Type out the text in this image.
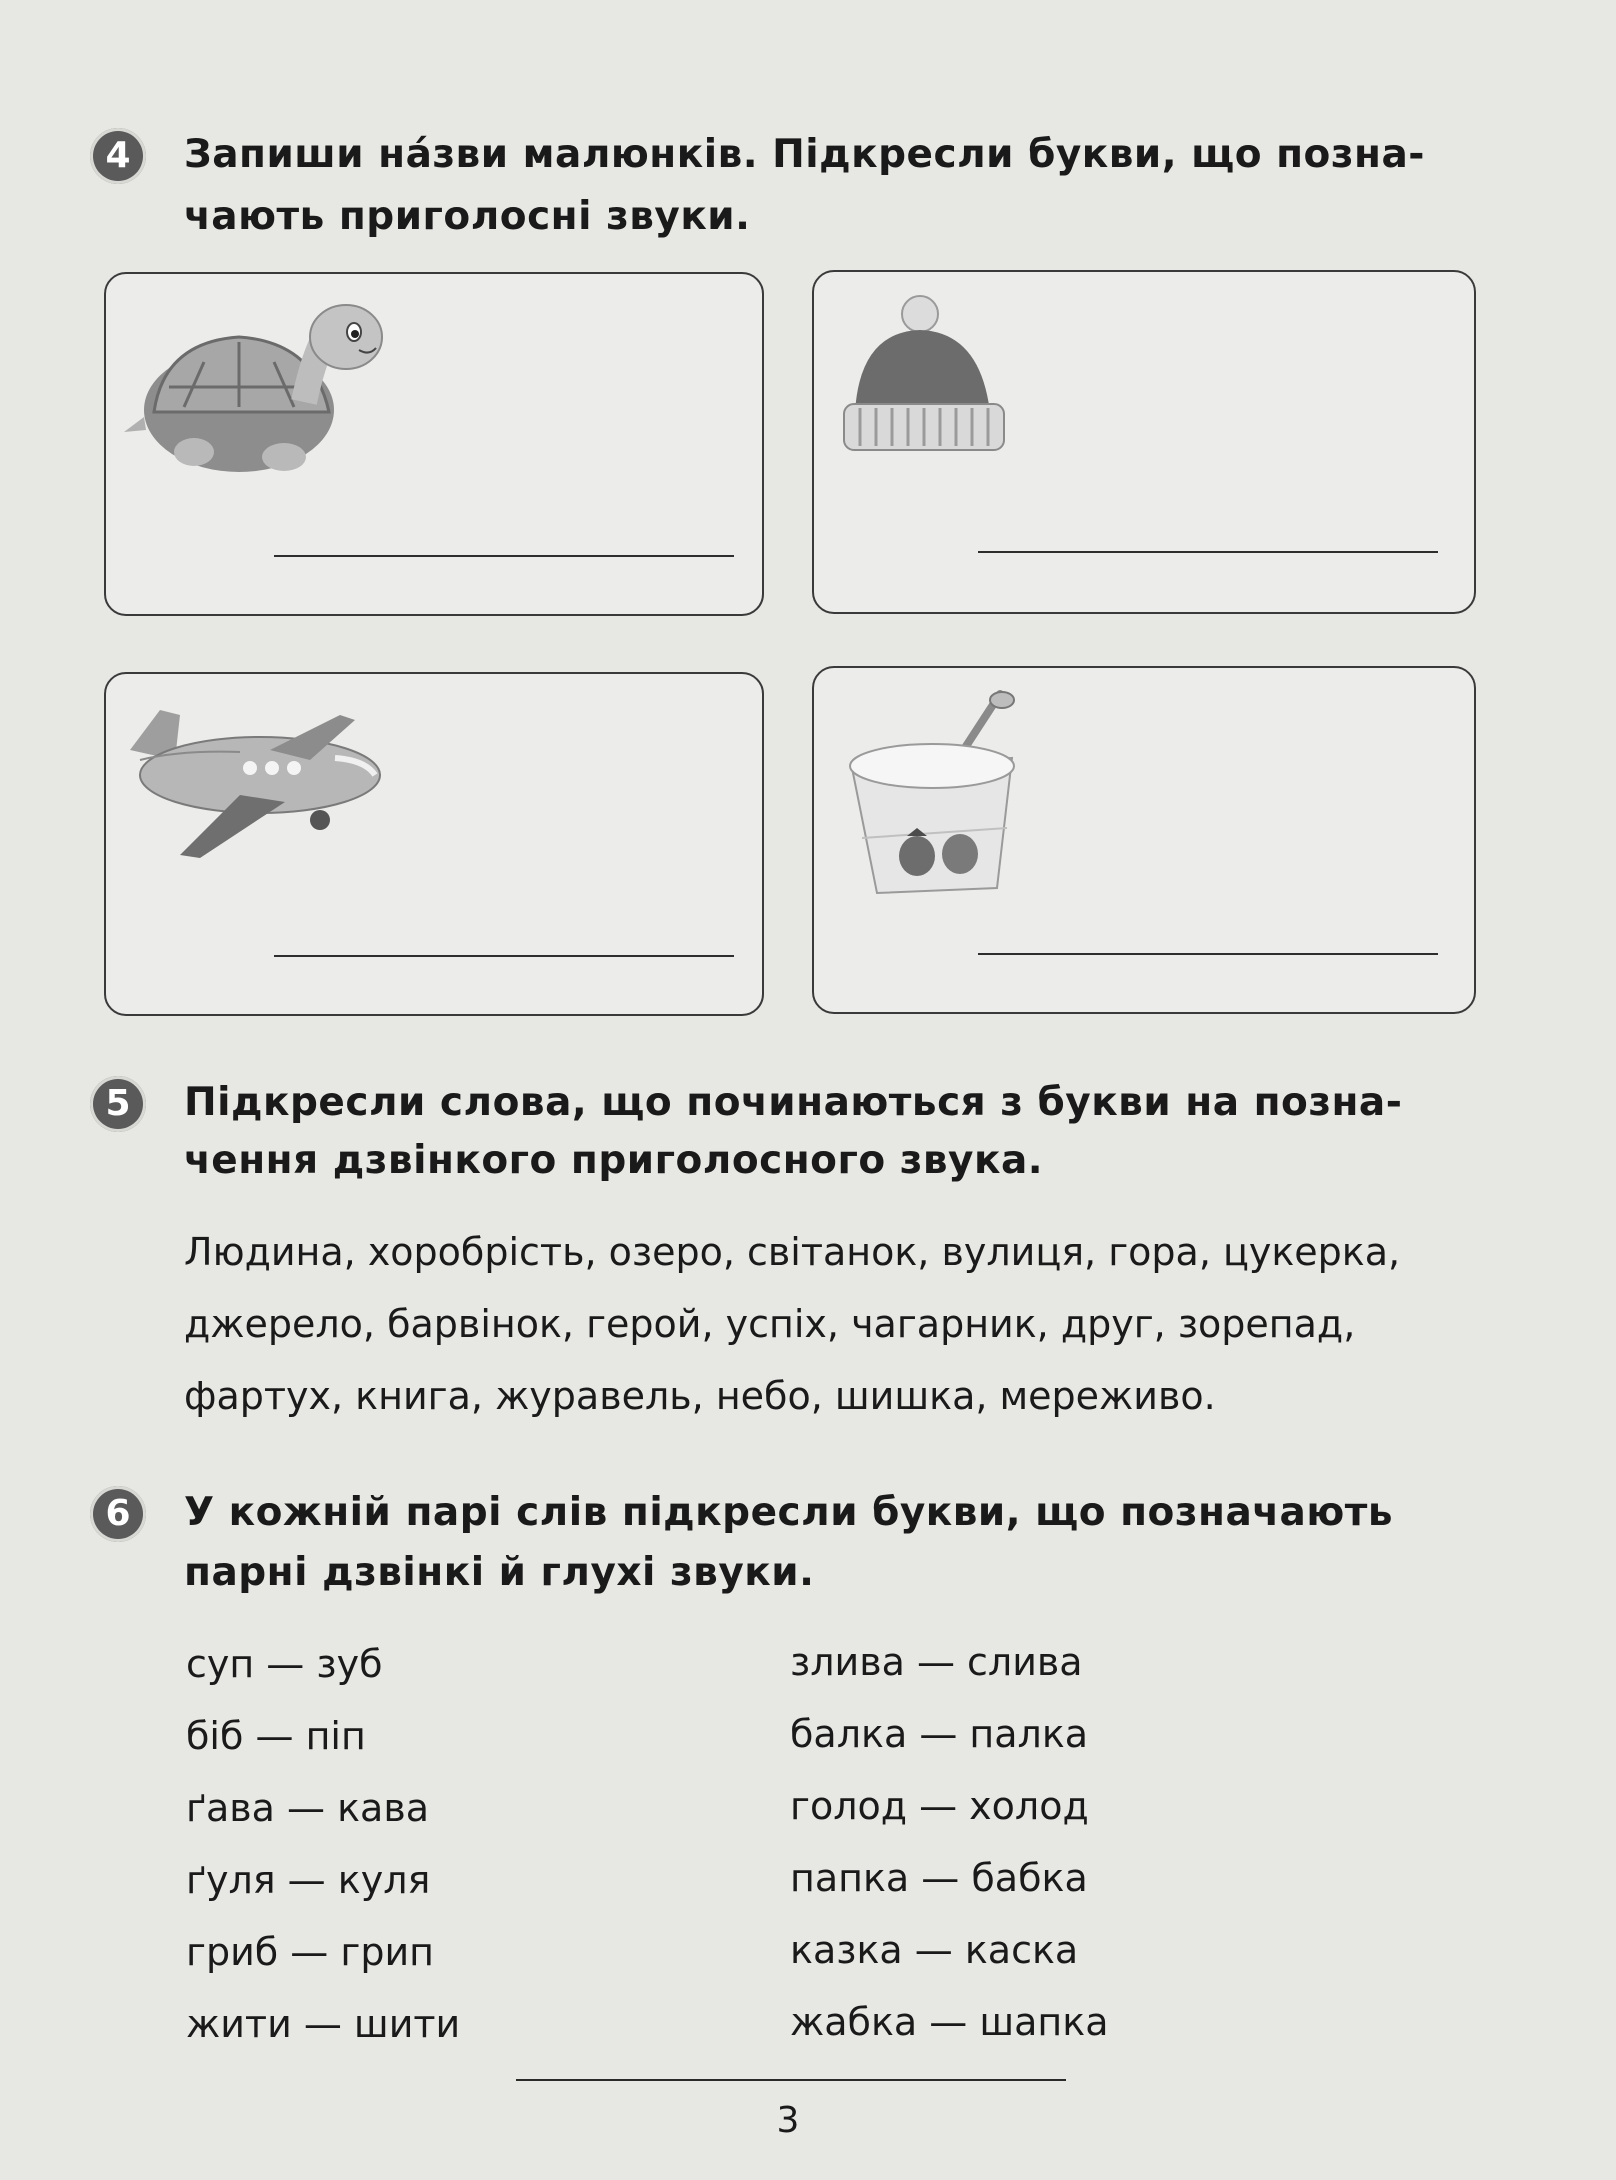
4	Запиши на́зви малюнків. Підкресли букви, що позна-
чають приголосні звуки.
5	Підкресли слова, що починаються з букви на позна-
чення дзвінкого приголосного звука.
Людина, хоробрість, озеро, світанок, вулиця, гора, цукерка,
джерело, барвінок, герой, успіх, чагарник, друг, зорепад,
фартух, книга, журавель, небо, шишка, мереживо.
6	У кожній парі слів підкресли букви, що позначають
парні дзвінкі й глухі звуки.
суп — зуб
біб — піп
ґава — кава
ґуля — куля
гриб — грип
жити — шити
злива — слива
балка — палка
голод — холод
папка — бабка
казка — каска
жабка — шапка
3
